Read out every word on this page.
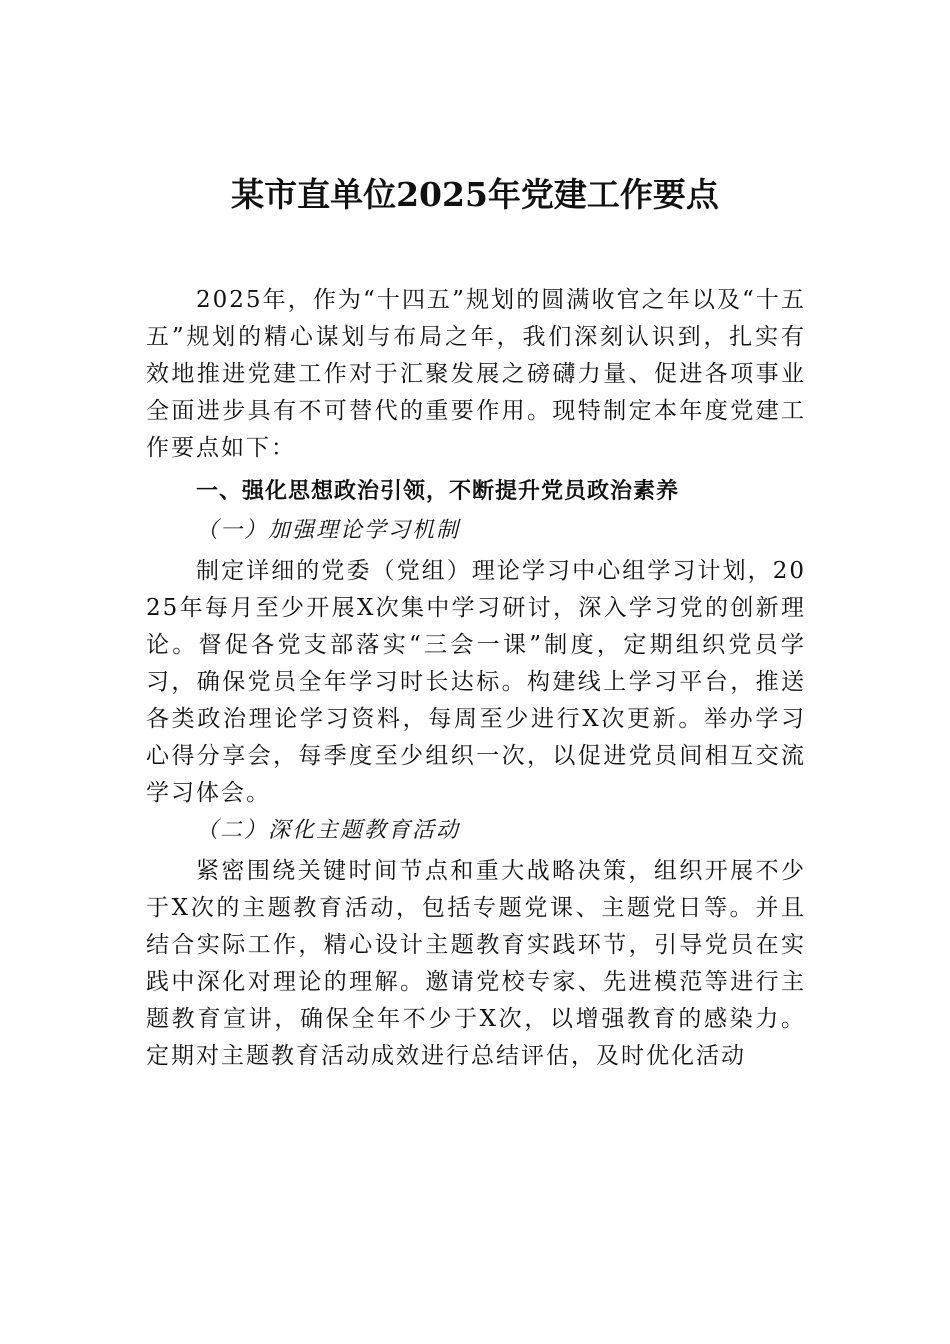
某市直单位2025年党建工作要点

2025年，作为“十四五”规划的圆满收官之年以及“十五五”规划的精心谋划与布局之年，我们深刻认识到，扎实有效地推进党建工作对于汇聚发展之磅礴力量、促进各项事业全面进步具有不可替代的重要作用。现特制定本年度党建工作要点如下：

一、强化思想政治引领，不断提升党员政治素养

（一）加强理论学习机制

制定详细的党委（党组）理论学习中心组学习计划，2025年每月至少开展X次集中学习研讨，深入学习党的创新理论。督促各党支部落实“三会一课”制度，定期组织党员学习，确保党员全年学习时长达标。构建线上学习平台，推送各类政治理论学习资料，每周至少进行X次更新。举办学习心得分享会，每季度至少组织一次，以促进党员间相互交流学习体会。

（二）深化主题教育活动

紧密围绕关键时间节点和重大战略决策，组织开展不少于X次的主题教育活动，包括专题党课、主题党日等。并且结合实际工作，精心设计主题教育实践环节，引导党员在实践中深化对理论的理解。邀请党校专家、先进模范等进行主题教育宣讲，确保全年不少于X次，以增强教育的感染力。定期对主题教育活动成效进行总结评估，及时优化活动
